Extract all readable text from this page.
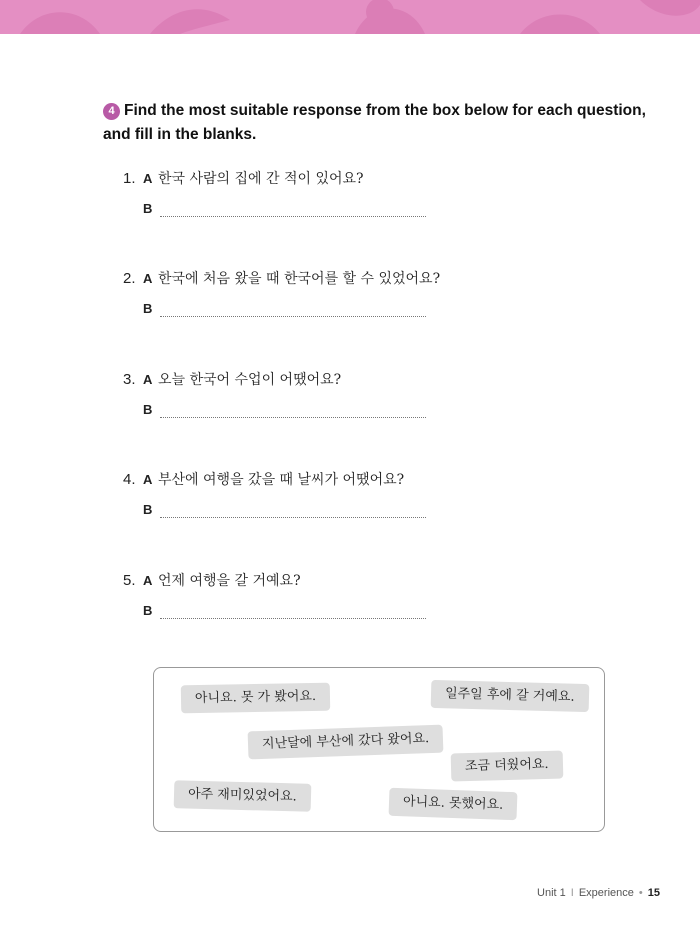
4 Find the most suitable response from the box below for each question,
and fill in the blanks.
1. A 한국 사람의 집에 간 적이 있어요?
B
2. A 한국에 처음 왔을 때 한국어를 할 수 있었어요?
B
3. A 오늘 한국어 수업이 어땠어요?
B
4. A 부산에 여행을 갔을 때 날씨가 어땠어요?
B
5. A 언제 여행을 갈 거예요?
B
아니요. 못 가 봤어요.	일주일 후에 갈 거예요.
지난달에 부산에 갔다 왔어요.
조금 더웠어요.
아주 재미있었어요.	아니요. 못했어요.
Unit 1 I Experience • 15
